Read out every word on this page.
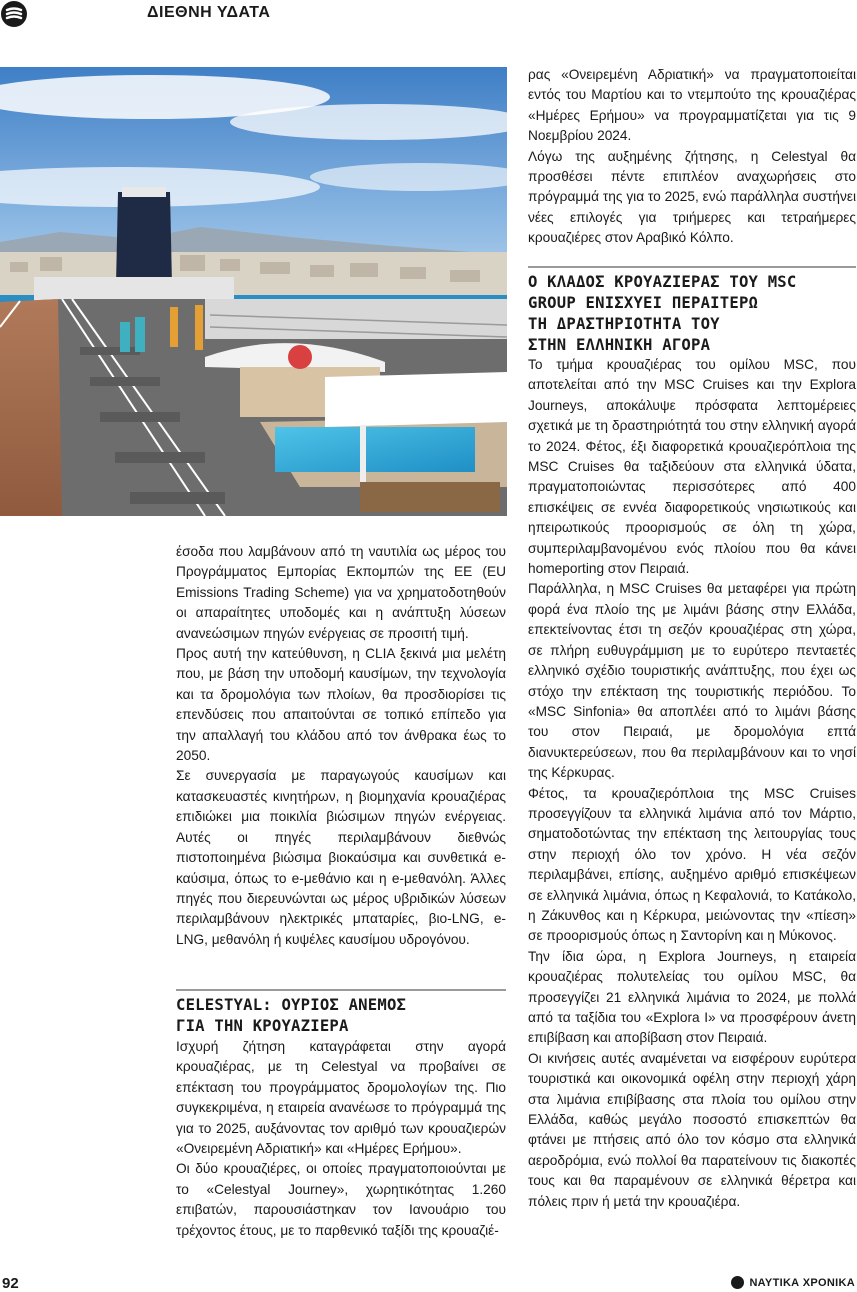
ΔΙΕΘΝΗ ΥΔΑΤΑ

έσοδα που λαμβάνουν από τη ναυτιλία ως μέρος του Προγράμματος Εμπορίας Εκπομπών της ΕΕ (EU Emissions Trading Scheme) για να χρηματοδοτηθούν οι απαραίτητες υποδομές και η ανάπτυξη λύσεων ανανεώσιμων πηγών ενέργειας σε προσιτή τιμή.

Προς αυτή την κατεύθυνση, η CLIA ξεκινά μια μελέτη που, με βάση την υποδομή καυσίμων, την τεχνολογία και τα δρομολόγια των πλοίων, θα προσδιορίσει τις επενδύσεις που απαιτούνται σε τοπικό επίπεδο για την απαλλαγή του κλάδου από τον άνθρακα έως το 2050.

Σε συνεργασία με παραγωγούς καυσίμων και κατασκευαστές κινητήρων, η βιομηχανία κρουαζιέρας επιδιώκει μια ποικιλία βιώσιμων πηγών ενέργειας. Αυτές οι πηγές περιλαμβάνουν διεθνώς πιστοποιημένα βιώσιμα βιοκαύσιμα και συνθετικά e-καύσιμα, όπως το e-μεθάνιο και η e-μεθανόλη. Άλλες πηγές που διερευνώνται ως μέρος υβριδικών λύσεων περιλαμβάνουν ηλεκτρικές μπαταρίες, βιο-LNG, e-LNG, μεθανόλη ή κυψέλες καυσίμου υδρογόνου.

CELESTYAL: ΟΥΡΙΟΣ ΑΝΕΜΟΣ
ΓΙΑ ΤΗΝ ΚΡΟΥΑΖΙΕΡΑ

Ισχυρή ζήτηση καταγράφεται στην αγορά κρουαζιέρας, με τη Celestyal να προβαίνει σε επέκταση του προγράμματος δρομολογίων της. Πιο συγκεκριμένα, η εταιρεία ανανέωσε το πρόγραμμά της για το 2025, αυξάνοντας τον αριθμό των κρουαζιερών «Ονειρεμένη Αδριατική» και «Ημέρες Ερήμου».

Οι δύο κρουαζιέρες, οι οποίες πραγματοποιούνται με το «Celestyal Journey», χωρητικότητας 1.260 επιβατών, παρουσιάστηκαν τον Ιανουάριο του τρέχοντος έτους, με το παρθενικό ταξίδι της κρουαζιέ-

ρας «Ονειρεμένη Αδριατική» να πραγματοποιείται εντός του Μαρτίου και το ντεμπούτο της κρουαζιέρας «Ημέρες Ερήμου» να προγραμματίζεται για τις 9 Νοεμβρίου 2024.

Λόγω της αυξημένης ζήτησης, η Celestyal θα προσθέσει πέντε επιπλέον αναχωρήσεις στο πρόγραμμά της για το 2025, ενώ παράλληλα συστήνει νέες επιλογές για τριήμερες και τετραήμερες κρουαζιέρες στον Αραβικό Κόλπο.

Ο ΚΛΑΔΟΣ ΚΡΟΥΑΖΙΕΡΑΣ ΤΟΥ MSC
GROUP ΕΝΙΣΧΥΕΙ ΠΕΡΑΙΤΕΡΩ
ΤΗ ΔΡΑΣΤΗΡΙΟΤΗΤΑ ΤΟΥ
ΣΤΗΝ ΕΛΛΗΝΙΚΗ ΑΓΟΡΑ

Το τμήμα κρουαζιέρας του ομίλου MSC, που αποτελείται από την MSC Cruises και την Explora Journeys, αποκάλυψε πρόσφατα λεπτομέρειες σχετικά με τη δραστηριότητά του στην ελληνική αγορά το 2024. Φέτος, έξι διαφορετικά κρουαζιερόπλοια της MSC Cruises θα ταξιδεύουν στα ελληνικά ύδατα, πραγματοποιώντας περισσότερες από 400 επισκέψεις σε εννέα διαφορετικούς νησιωτικούς και ηπειρωτικούς προορισμούς σε όλη τη χώρα, συμπεριλαμβανομένου ενός πλοίου που θα κάνει homeporting στον Πειραιά.

Παράλληλα, η MSC Cruises θα μεταφέρει για πρώτη φορά ένα πλοίο της με λιμάνι βάσης στην Ελλάδα, επεκτείνοντας έτσι τη σεζόν κρουαζιέρας στη χώρα, σε πλήρη ευθυγράμμιση με το ευρύτερο πενταετές ελληνικό σχέδιο τουριστικής ανάπτυξης, που έχει ως στόχο την επέκταση της τουριστικής περιόδου. Το «MSC Sinfonia» θα αποπλέει από το λιμάνι βάσης του στον Πειραιά, με δρομολόγια επτά διανυκτερεύσεων, που θα περιλαμβάνουν και το νησί της Κέρκυρας.

Φέτος, τα κρουαζιερόπλοια της MSC Cruises προσεγγίζουν τα ελληνικά λιμάνια από τον Μάρτιο, σηματοδοτώντας την επέκταση της λειτουργίας τους στην περιοχή όλο τον χρόνο. Η νέα σεζόν περιλαμβάνει, επίσης, αυξημένο αριθμό επισκέψεων σε ελληνικά λιμάνια, όπως η Κεφαλονιά, το Κατάκολο, η Ζάκυνθος και η Κέρκυρα, μειώνοντας την «πίεση» σε προορισμούς όπως η Σαντορίνη και η Μύκονος.

Την ίδια ώρα, η Explora Journeys, η εταιρεία κρουαζιέρας πολυτελείας του ομίλου MSC, θα προσεγγίζει 21 ελληνικά λιμάνια το 2024, με πολλά από τα ταξίδια του «Explora I» να προσφέρουν άνετη επιβίβαση και αποβίβαση στον Πειραιά.

Οι κινήσεις αυτές αναμένεται να εισφέρουν ευρύτερα τουριστικά και οικονομικά οφέλη στην περιοχή χάρη στα λιμάνια επιβίβασης στα πλοία του ομίλου στην Ελλάδα, καθώς μεγάλο ποσοστό επισκεπτών θα φτάνει με πτήσεις από όλο τον κόσμο στα ελληνικά αεροδρόμια, ενώ πολλοί θα παρατείνουν τις διακοπές τους και θα παραμένουν σε ελληνικά θέρετρα και πόλεις πριν ή μετά την κρουαζιέρα.

92	ΝΑΥΤΙΚΑ ΧΡΟΝΙΚΑ
